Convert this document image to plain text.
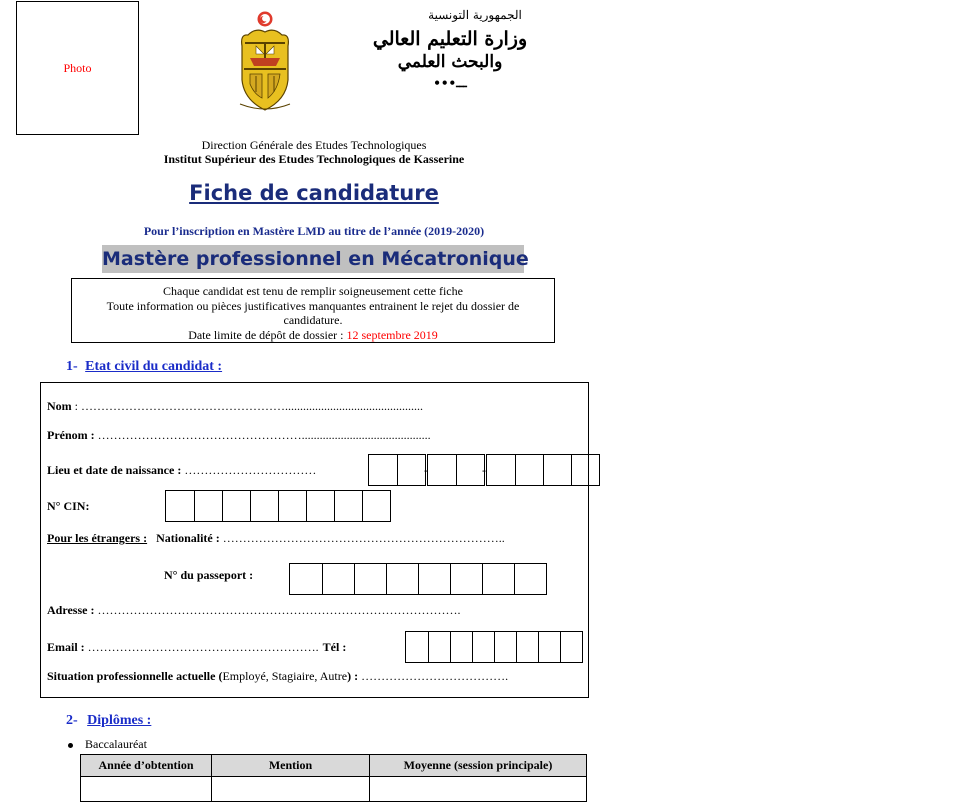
Photo
الجمهورية التونسية
وزارة التعليم العالي
والبحث العلمي
ـــ•••
Direction Générale des Etudes Technologiques
Institut Supérieur des Etudes Technologiques de Kasserine
Fiche de candidature
Pour l’inscription en Mastère LMD au titre de l’année (2019-2020)
Mastère professionnel en Mécatronique
Chaque candidat est tenu de remplir soigneusement cette fiche
Toute information ou pièces justificatives manquantes entrainent le rejet du dossier de
candidature.
Date limite de dépôt de dossier : 12 septembre 2019
1- Etat civil du candidat :
Nom : ……………………………………………..............................................
Prénom : ……………………………………………...........................................
Lieu et date de naissance : ……………………………	-	-
N° CIN:
Pour les étrangers : Nationalité : ……………………………………………………………..
N° du passeport :
Adresse : ……………………………………………………………………………….
Email : …………………………………………………. Tél :
Situation professionnelle actuelle (Employé, Stagiaire, Autre) : ……………………………….
2- Diplômes :
Baccalauréat
Année d’obtention	Mention	Moyenne (session principale)
